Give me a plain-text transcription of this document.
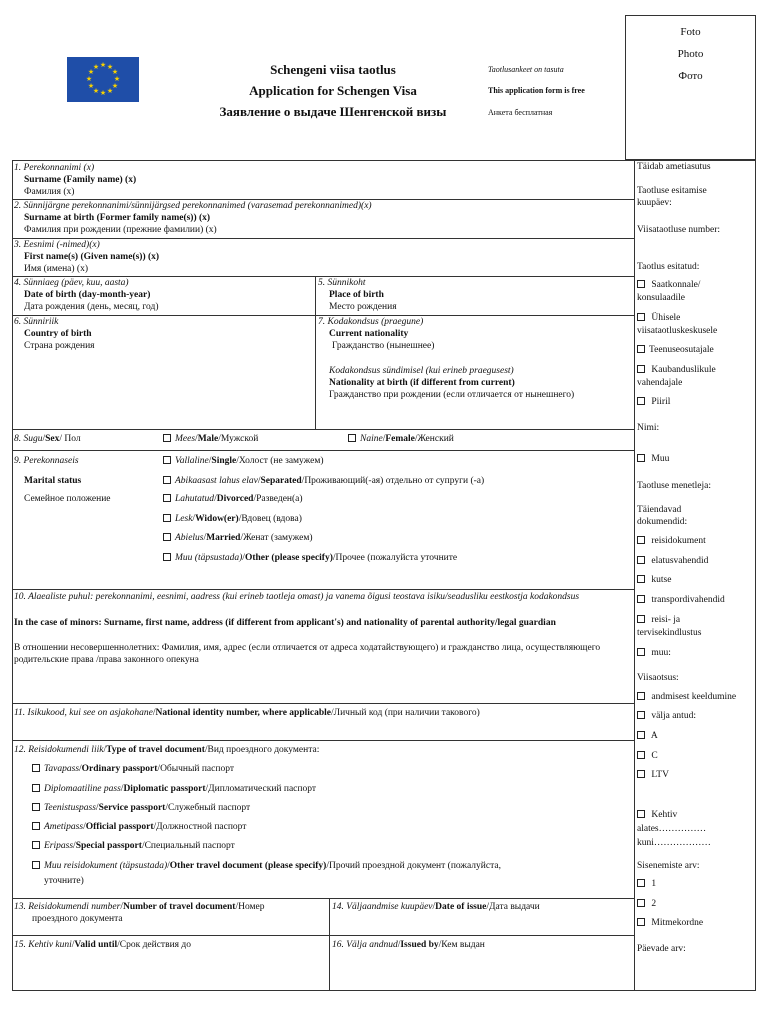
Foto
Photo
Фото
★ ★
★
★
★
★
★
★
★
★
★
★	Schengeni viisa taotlus
Application for Schengen Visa
Заявление о выдаче Шенгенской визы
Taotlusankeet on tasuta
This application form is free
Анкета бесплатная
1. Perekonnanimi (x)
Surname (Family name) (x)
Фамилия (х)
2. Sünnijärgne perekonnanimi/sünnijärgsed perekonnanimed (varasemad perekonnanimed)(x)
Surname at birth (Former family name(s)) (x)
Фамилия при рождении (прежние фамилии) (х)
3. Eesnimi (-nimed)(x)
First name(s) (Given name(s)) (x)
Имя (имена) (х)
4. Sünniaeg (päev, kuu, aasta)
Date of birth (day-month-year)
Дата рождения (день, месяц, год)
5. Sünnikoht
Place of birth
Место рождения
6. Sünniriik
Country of birth
Страна рождения
7. Kodakondsus (praegune)
Current nationality
Гражданство (нынешнее)
Kodakondsus sündimisel (kui erineb praegusest)
Nationality at birth (if different from current)
Гражданство при рождении (если отличается от нынешнего)
8. Sugu/Sex/ Пол	Mees/Male/Мужской	Naine/Female/Женский
9. Perekonnaseis
Marital status
Семейное положение
Vallaline/Single/Холост (не замужем)
Abikaasast lahus elav/Separated/Проживающий(-ая) отдельно от супруги (-а)
Lahutatud/Divorced/Разведен(а)
Lesk/Widow(er)/Вдовец (вдова)
Abielus/Married/Женат (замужем)
Muu (täpsustada)/Other (please specify)/Прочее (пожалуйста уточните
10. Alaealiste puhul: perekonnanimi, eesnimi, aadress (kui erineb taotleja omast) ja vanema õigusi teostava isiku/seadusliku eestkostja kodakondsus
In the case of minors: Surname, first name, address (if different from applicant's) and nationality of parental authority/legal guardian
В отношении несовершеннолетних: Фамилия, имя, адрес (если отличается от адреса ходатайствующего) и гражданство лица, осуществляющего родительские права /права законного опекуна
11. Isikukood, kui see on asjakohane/National identity number, where applicable/Личный код (при наличии такового)
12. Reisidokumendi liik/Type of travel document/Вид проездного документа:
Tavapass/Ordinary passport/Обычный паспорт
Diplomaatiline pass/Diplomatic passport/Дипломатический паспорт
Teenistuspass/Service passport/Служебный паспорт
Ametipass/Official passport/Должностной паспорт
Eripass/Special passport/Специальный паспорт
Muu reisidokument (täpsustada)/Other travel document (please specify)/Прочий проездной документ (пожалуйста,
уточните)
13. Reisidokumendi number/Number of travel document/Номер
проездного документа
14. Väljaandmise kuupäev/Date of issue/Дата выдачи
15. Kehtiv kuni/Valid until/Срок действия до	16. Välja andnud/Issued by/Кем выдан
Täidab ametiasutus
Taotluse esitamise
kuupäev:
Viisataotluse number:
Taotlus esitatud:
Saatkonnale/
konsulaadile
Ühisele
viisataotluskeskusele
Teenuseosutajale
Kaubanduslikule
vahendajale
Piiril
Nimi:
Muu
Taotluse menetleja:
Täiendavad
dokumendid:
reisidokument
elatusvahendid
kutse
transpordivahendid
reisi- ja
tervisekindlustus
muu:
Viisaotsus:
andmisest keeldumine
välja antud:
A
C
LTV
Kehtiv
alates……………
kuni………………
Sisenemiste arv:
1
2
Mitmekordne
Päevade arv:
